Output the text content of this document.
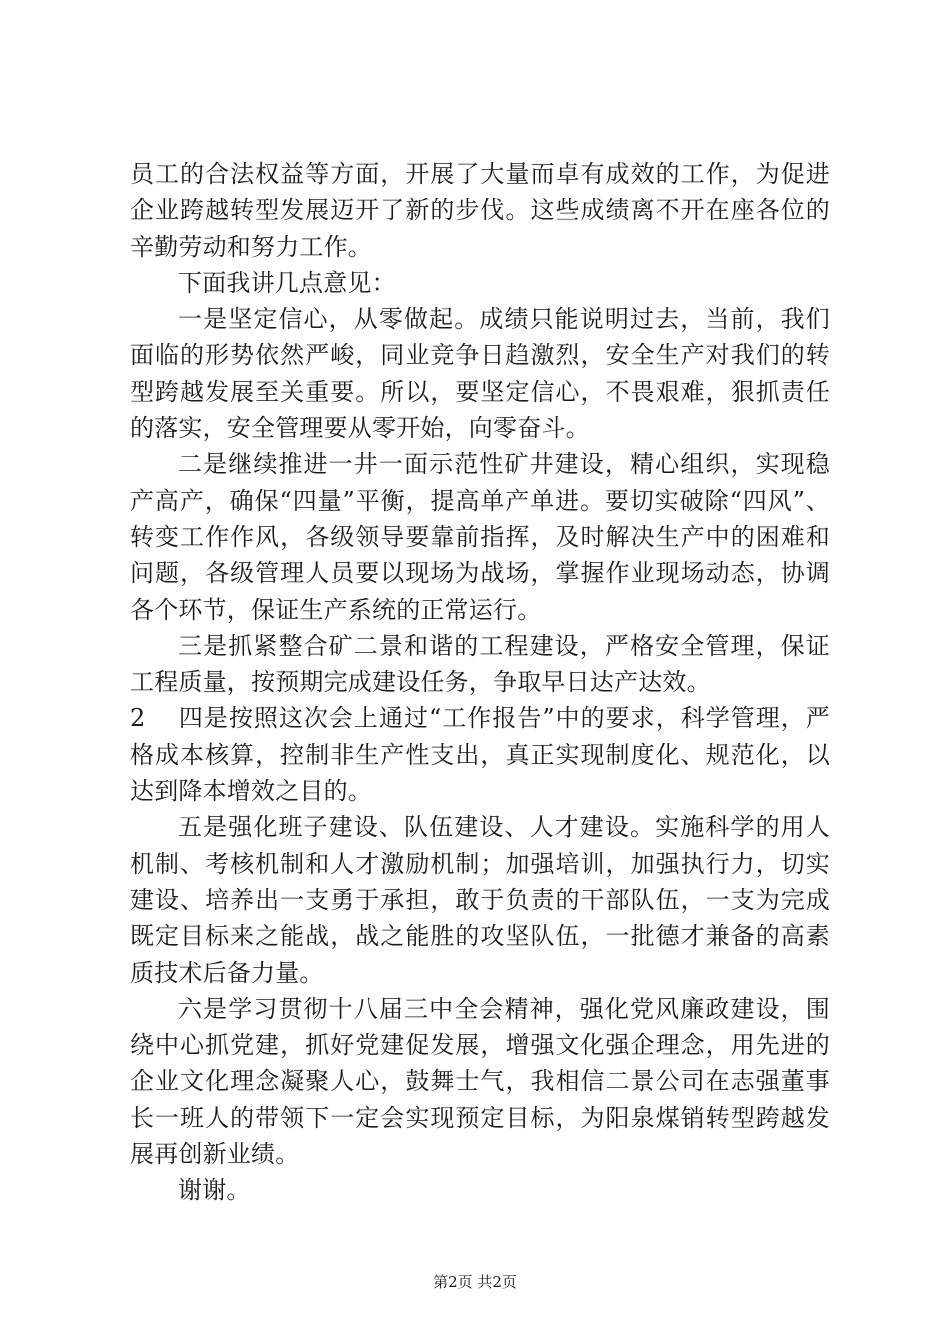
员工的合法权益等方面，开展了大量而卓有成效的工作，为促进企业跨越转型发展迈开了新的步伐。这些成绩离不开在座各位的辛勤劳动和努力工作。

下面我讲几点意见：

一是坚定信心，从零做起。成绩只能说明过去，当前，我们面临的形势依然严峻，同业竞争日趋激烈，安全生产对我们的转型跨越发展至关重要。所以，要坚定信心，不畏艰难，狠抓责任的落实，安全管理要从零开始，向零奋斗。

二是继续推进一井一面示范性矿井建设，精心组织，实现稳产高产，确保“四量”平衡，提高单产单进。要切实破除“四风”、转变工作作风，各级领导要靠前指挥，及时解决生产中的困难和问题，各级管理人员要以现场为战场，掌握作业现场动态，协调各个环节，保证生产系统的正常运行。

三是抓紧整合矿二景和谐的工程建设，严格安全管理，保证工程质量，按预期完成建设任务，争取早日达产达效。

2 四是按照这次会上通过“工作报告”中的要求，科学管理，严格成本核算，控制非生产性支出，真正实现制度化、规范化，以达到降本增效之目的。

五是强化班子建设、队伍建设、人才建设。实施科学的用人机制、考核机制和人才激励机制；加强培训，加强执行力，切实建设、培养出一支勇于承担，敢于负责的干部队伍，一支为完成既定目标来之能战，战之能胜的攻坚队伍，一批德才兼备的高素质技术后备力量。

六是学习贯彻十八届三中全会精神，强化党风廉政建设，围绕中心抓党建，抓好党建促发展，增强文化强企理念，用先进的企业文化理念凝聚人心，鼓舞士气，我相信二景公司在志强董事长一班人的带领下一定会实现预定目标，为阳泉煤销转型跨越发展再创新业绩。

谢谢。

第2页 共2页
